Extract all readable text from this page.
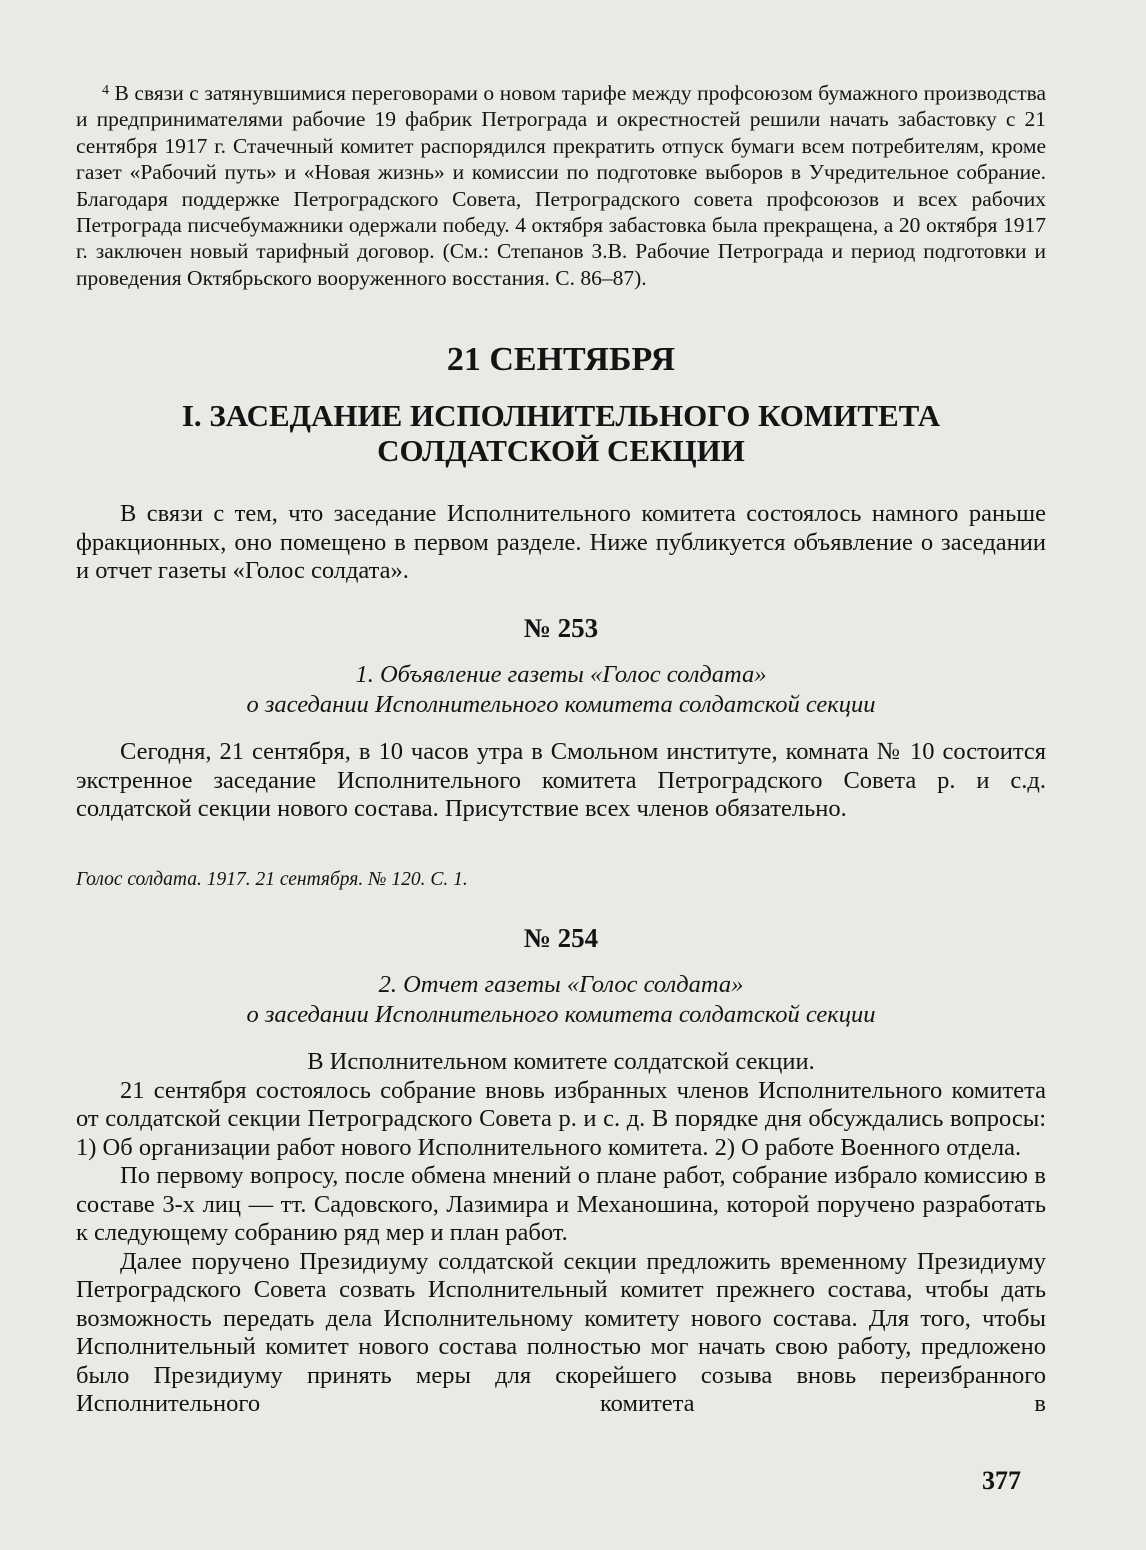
$^4$ В связи с затянувшимися переговорами о новом тарифе между профсоюзом бумажного производства и предпринимателями рабочие 19 фабрик Петрограда и окрестностей решили начать забастовку с 21 сентября 1917 г. Стачечный комитет распорядился прекратить отпуск бумаги всем потребителям, кроме газет «Рабочий путь» и «Новая жизнь» и комиссии по подготовке выборов в Учредительное собрание. Благодаря поддержке Петроградского Совета, Петроградского совета профсоюзов и всех рабочих Петрограда писчебумажники одержали победу. 4 октября забастовка была прекращена, а 20 октября 1917 г. заключен новый тарифный договор. (См.: Степанов З.В. Рабочие Петрограда и период подготовки и проведения Октябрьского вооруженного восстания. С. 86–87).

21 СЕНТЯБРЯ
I. ЗАСЕДАНИЕ ИСПОЛНИТЕЛЬНОГО КОМИТЕТА
СОЛДАТСКОЙ СЕКЦИИ

В связи с тем, что заседание Исполнительного комитета состоялось намного раньше фракционных, оно помещено в первом разделе. Ниже публикуется объявление о заседании и отчет газеты «Голос солдата».

№ 253
1. Объявление газеты «Голос солдата»
о заседании Исполнительного комитета солдатской секции

Сегодня, 21 сентября, в 10 часов утра в Смольном институте, комната № 10 состоится экстренное заседание Исполнительного комитета Петроградского Совета р. и с.д. солдатской секции нового состава. Присутствие всех членов обязательно.

Голос солдата. 1917. 21 сентября. № 120. С. 1.
№ 254
2. Отчет газеты «Голос солдата»
о заседании Исполнительного комитета солдатской секции

В Исполнительном комитете солдатской секции.

21 сентября состоялось собрание вновь избранных членов Исполнительного комитета от солдатской секции Петроградского Совета р. и с. д. В порядке дня обсуждались вопросы: 1) Об организации работ нового Исполнительного комитета. 2) О работе Военного отдела.

По первому вопросу, после обмена мнений о плане работ, собрание избрало комиссию в составе 3-х лиц — тт. Садовского, Лазимира и Механошина, которой поручено разработать к следующему собранию ряд мер и план работ.

Далее поручено Президиуму солдатской секции предложить временному Президиуму Петроградского Совета созвать Исполнительный комитет прежнего состава, чтобы дать возможность передать дела Исполнительному комитету нового состава. Для того, чтобы Исполнительный комитет нового состава полностью мог начать свою работу, предложено было Президиуму принять меры для скорейшего созыва вновь переизбранного Исполнительного комитета в

377
